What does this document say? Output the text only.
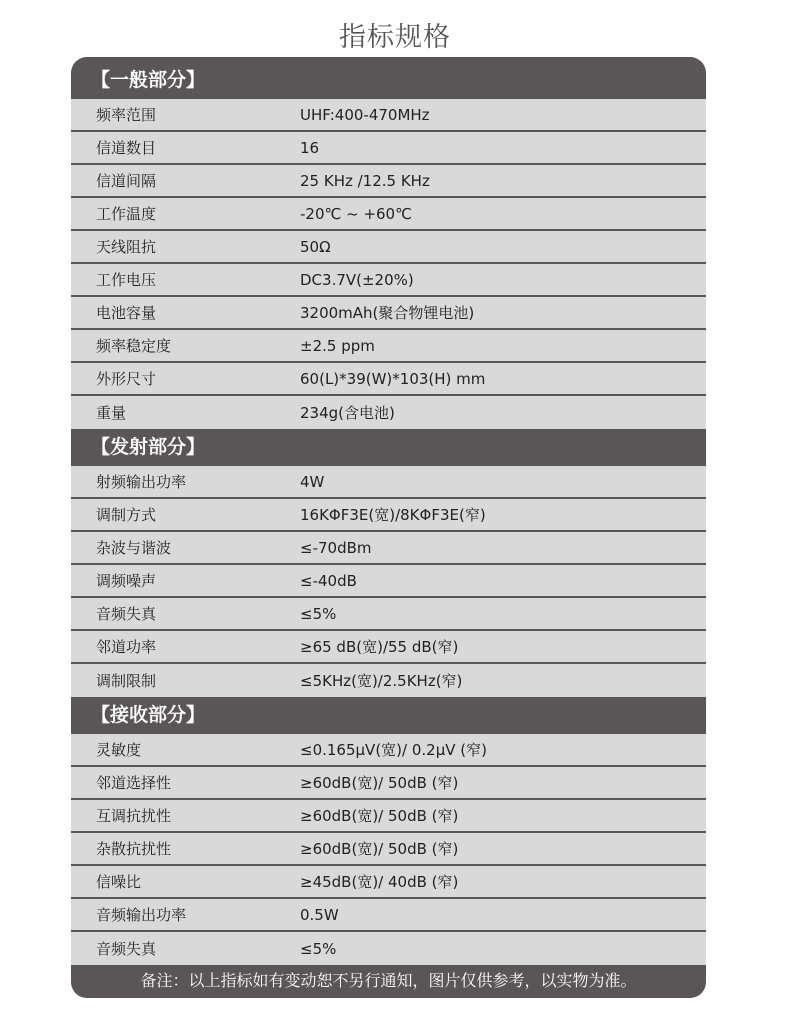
指标规格
【一般部分】
频率范围	UHF:400-470MHz
信道数目	16
信道间隔	25 KHz /12.5 KHz
工作温度	-20℃ ~ +60℃
天线阻抗	50Ω
工作电压	DC3.7V(±20%)
电池容量	3200mAh(聚合物锂电池)
频率稳定度	±2.5 ppm
外形尺寸	60(L)*39(W)*103(H) mm
重量	234g(含电池)
【发射部分】
射频输出功率	4W
调制方式	16KΦF3E(宽)/8KΦF3E(窄)
杂波与谐波	≤-70dBm
调频噪声	≤-40dB
音频失真	≤5%
邻道功率	≥65 dB(宽)/55 dB(窄)
调制限制	≤5KHz(宽)/2.5KHz(窄)
【接收部分】
灵敏度	≤0.165μV(宽)/ 0.2μV (窄)
邻道选择性	≥60dB(宽)/ 50dB (窄)
互调抗扰性	≥60dB(宽)/ 50dB (窄)
杂散抗扰性	≥60dB(宽)/ 50dB (窄)
信噪比	≥45dB(宽)/ 40dB (窄)
音频输出功率	0.5W
音频失真	≤5%
备注：以上指标如有变动恕不另行通知，图片仅供参考，以实物为准。
